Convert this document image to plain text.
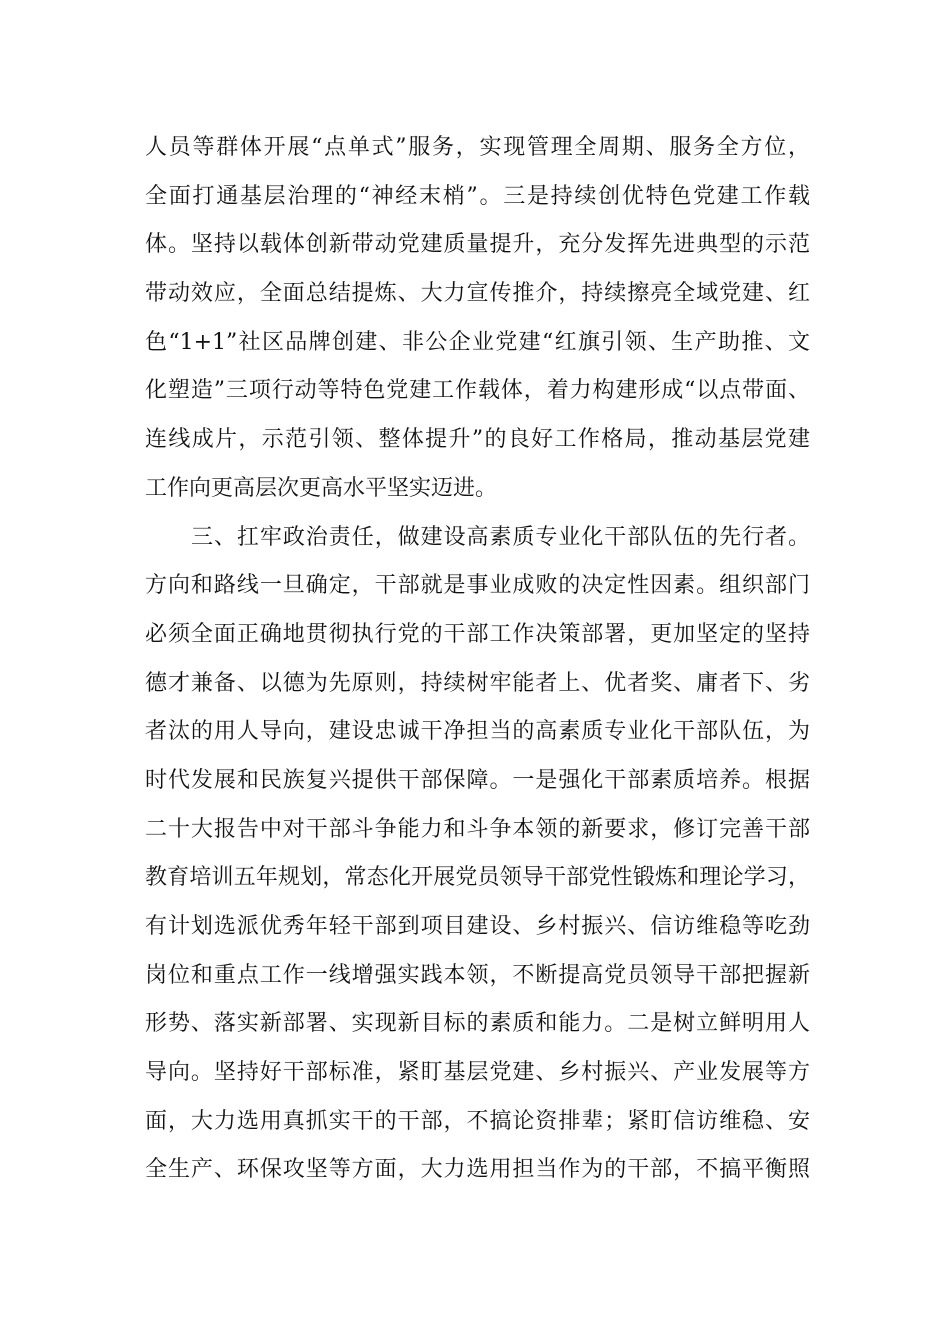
人员等群体开展“点单式”服务，实现管理全周期、服务全方位，
全面打通基层治理的“神经末梢”。三是持续创优特色党建工作载
体。坚持以载体创新带动党建质量提升，充分发挥先进典型的示范
带动效应，全面总结提炼、大力宣传推介，持续擦亮全域党建、红
色“1+1”社区品牌创建、非公企业党建“红旗引领、生产助推、文
化塑造”三项行动等特色党建工作载体，着力构建形成“以点带面、
连线成片，示范引领、整体提升”的良好工作格局，推动基层党建
工作向更高层次更高水平坚实迈进。
三、扛牢政治责任，做建设高素质专业化干部队伍的先行者。
方向和路线一旦确定，干部就是事业成败的决定性因素。组织部门
必须全面正确地贯彻执行党的干部工作决策部署，更加坚定的坚持
德才兼备、以德为先原则，持续树牢能者上、优者奖、庸者下、劣
者汰的用人导向，建设忠诚干净担当的高素质专业化干部队伍，为
时代发展和民族复兴提供干部保障。一是强化干部素质培养。根据
二十大报告中对干部斗争能力和斗争本领的新要求，修订完善干部
教育培训五年规划，常态化开展党员领导干部党性锻炼和理论学习，
有计划选派优秀年轻干部到项目建设、乡村振兴、信访维稳等吃劲
岗位和重点工作一线增强实践本领，不断提高党员领导干部把握新
形势、落实新部署、实现新目标的素质和能力。二是树立鲜明用人
导向。坚持好干部标准，紧盯基层党建、乡村振兴、产业发展等方
面，大力选用真抓实干的干部，不搞论资排辈；紧盯信访维稳、安
全生产、环保攻坚等方面，大力选用担当作为的干部，不搞平衡照
